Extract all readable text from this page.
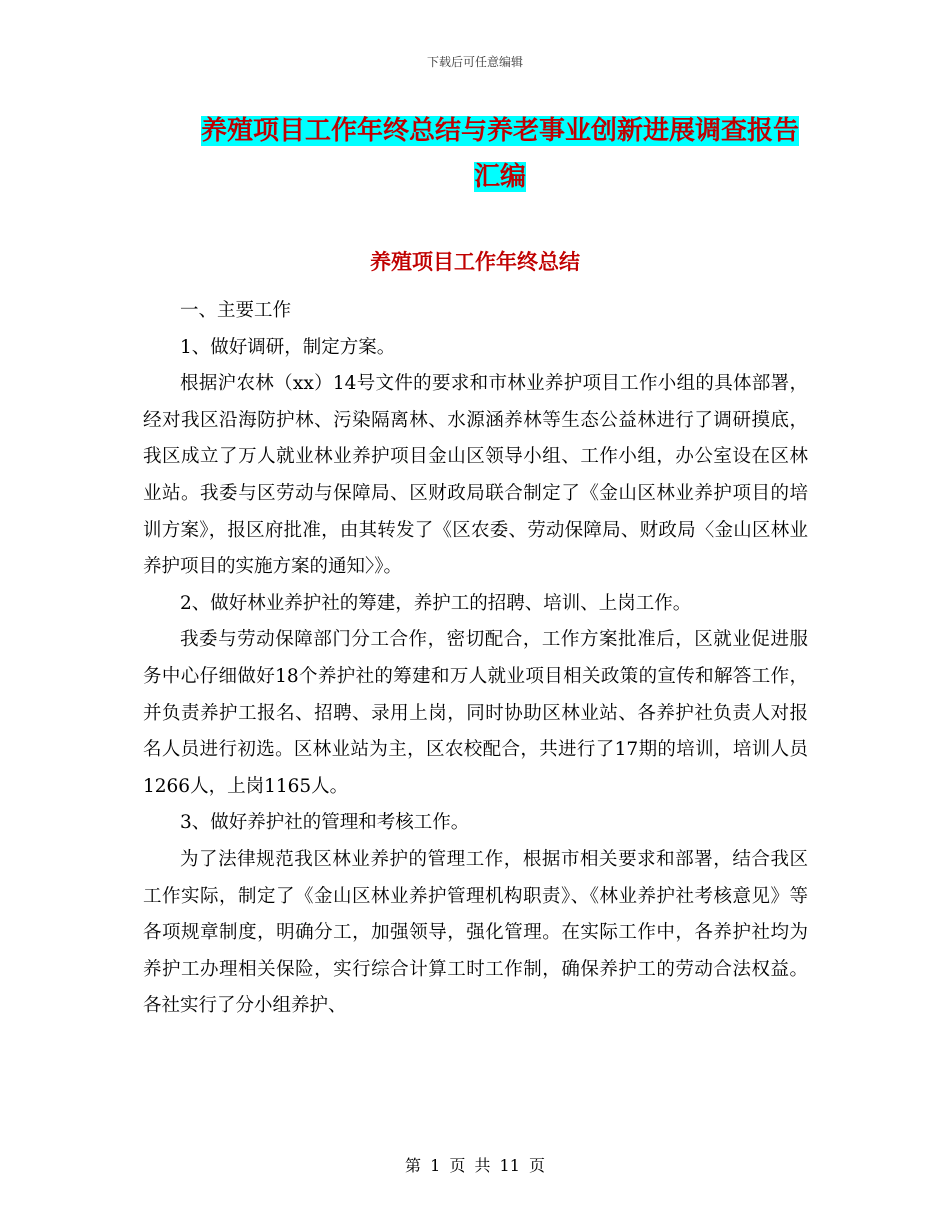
下载后可任意编辑
养殖项目工作年终总结与养老事业创新进展调查报告
汇编
养殖项目工作年终总结

一、主要工作

1、做好调研，制定方案。

根据沪农林（xx）14号文件的要求和市林业养护项目工作小组的具体部署，经对我区沿海防护林、污染隔离林、水源涵养林等生态公益林进行了调研摸底，我区成立了万人就业林业养护项目金山区领导小组、工作小组，办公室设在区林业站。我委与区劳动与保障局、区财政局联合制定了《金山区林业养护项目的培训方案》，报区府批准，由其转发了《区农委、劳动保障局、财政局〈金山区林业养护项目的实施方案的通知〉》。

2、做好林业养护社的筹建，养护工的招聘、培训、上岗工作。

我委与劳动保障部门分工合作，密切配合，工作方案批准后，区就业促进服务中心仔细做好18个养护社的筹建和万人就业项目相关政策的宣传和解答工作，并负责养护工报名、招聘、录用上岗，同时协助区林业站、各养护社负责人对报名人员进行初选。区林业站为主，区农校配合，共进行了17期的培训，培训人员1266人，上岗1165人。

3、做好养护社的管理和考核工作。

为了法律规范我区林业养护的管理工作，根据市相关要求和部署，结合我区工作实际，制定了《金山区林业养护管理机构职责》、《林业养护社考核意见》等各项规章制度，明确分工，加强领导，强化管理。在实际工作中，各养护社均为养护工办理相关保险，实行综合计算工时工作制，确保养护工的劳动合法权益。各社实行了分小组养护、

第 1 页 共 11 页
